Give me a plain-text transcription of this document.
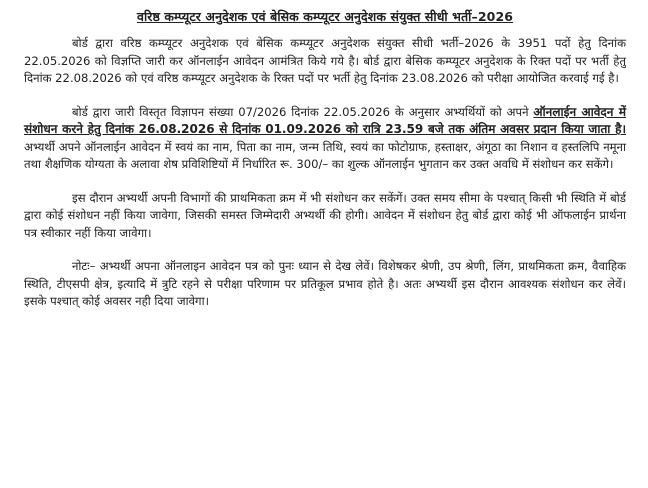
वरिष्ठ कम्प्यूटर अनुदेशक एवं बेसिक कम्प्यूटर अनुदेशक संयुक्त सीधी भर्ती–2026

बोर्ड द्वारा वरिष्ठ कम्प्यूटर अनुदेशक एवं बेसिक कम्प्यूटर अनुदेशक संयुक्त सीधी भर्ती–2026 के 3951 पदों हेतु दिनांक 22.05.2026 को विज्ञप्ति जारी कर ऑनलाईन आवेदन आमंत्रित किये गये है। बोर्ड द्वारा बेसिक कम्प्यूटर अनुदेशक के रिक्त पदों पर भर्ती हेतु दिनांक 22.08.2026 को एवं वरिष्ठ कम्प्यूटर अनुदेशक के रिक्त पदों पर भर्ती हेतु दिनांक 23.08.2026 को परीक्षा आयोजित करवाई गई है।

बोर्ड द्वारा जारी विस्तृत विज्ञापन संख्या 07/2026 दिनांक 22.05.2026 के अनुसार अभ्यर्थियों को अपने ऑनलाईन आवेदन में संशोधन करने हेतु दिनांक 26.08.2026 से दिनांक 01.09.2026 को रात्रि 23.59 बजे तक अंतिम अवसर प्रदान किया जाता है। अभ्यर्थी अपने ऑनलाईन आवेदन में स्वयं का नाम, पिता का नाम, जन्म तिथि, स्वयं का फोटोग्राफ, हस्ताक्षर, अंगूठा का निशान व हस्तलिपि नमूना तथा शैक्षणिक योग्यता के अलावा शेष प्रविशिष्टियों में निर्धारित रू. 300/– का शुल्क ऑनलाईन भुगतान कर उक्त अवधि में संशोधन कर सकेंगे।

इस दौरान अभ्यर्थी अपनी विभागों की प्राथमिकता क्रम में भी संशोधन कर सकेंगें। उक्त समय सीमा के पश्चात् किसी भी स्थिति में बोर्ड द्वारा कोई संशोधन नहीं किया जावेगा, जिसकी समस्त जिम्मेदारी अभ्यर्थी की होगी। आवेदन में संशोधन हेतु बोर्ड द्वारा कोई भी ऑफलाईन प्रार्थना पत्र स्वीकार नहीं किया जावेगा।

नोटः– अभ्यर्थी अपना ऑनलाइन आवेदन पत्र को पुनः ध्यान से देख लेवें। विशेषकर श्रेणी, उप श्रेणी, लिंग, प्राथमिकता क्रम, वैवाहिक स्थिति, टीएसपी क्षेत्र, इत्यादि में त्रुटि रहने से परीक्षा परिणाम पर प्रतिकूल प्रभाव होते है। अतः अभ्यर्थी इस दौरान आवश्यक संशोधन कर लेवें। इसके पश्चात् कोई अवसर नही दिया जावेगा।
